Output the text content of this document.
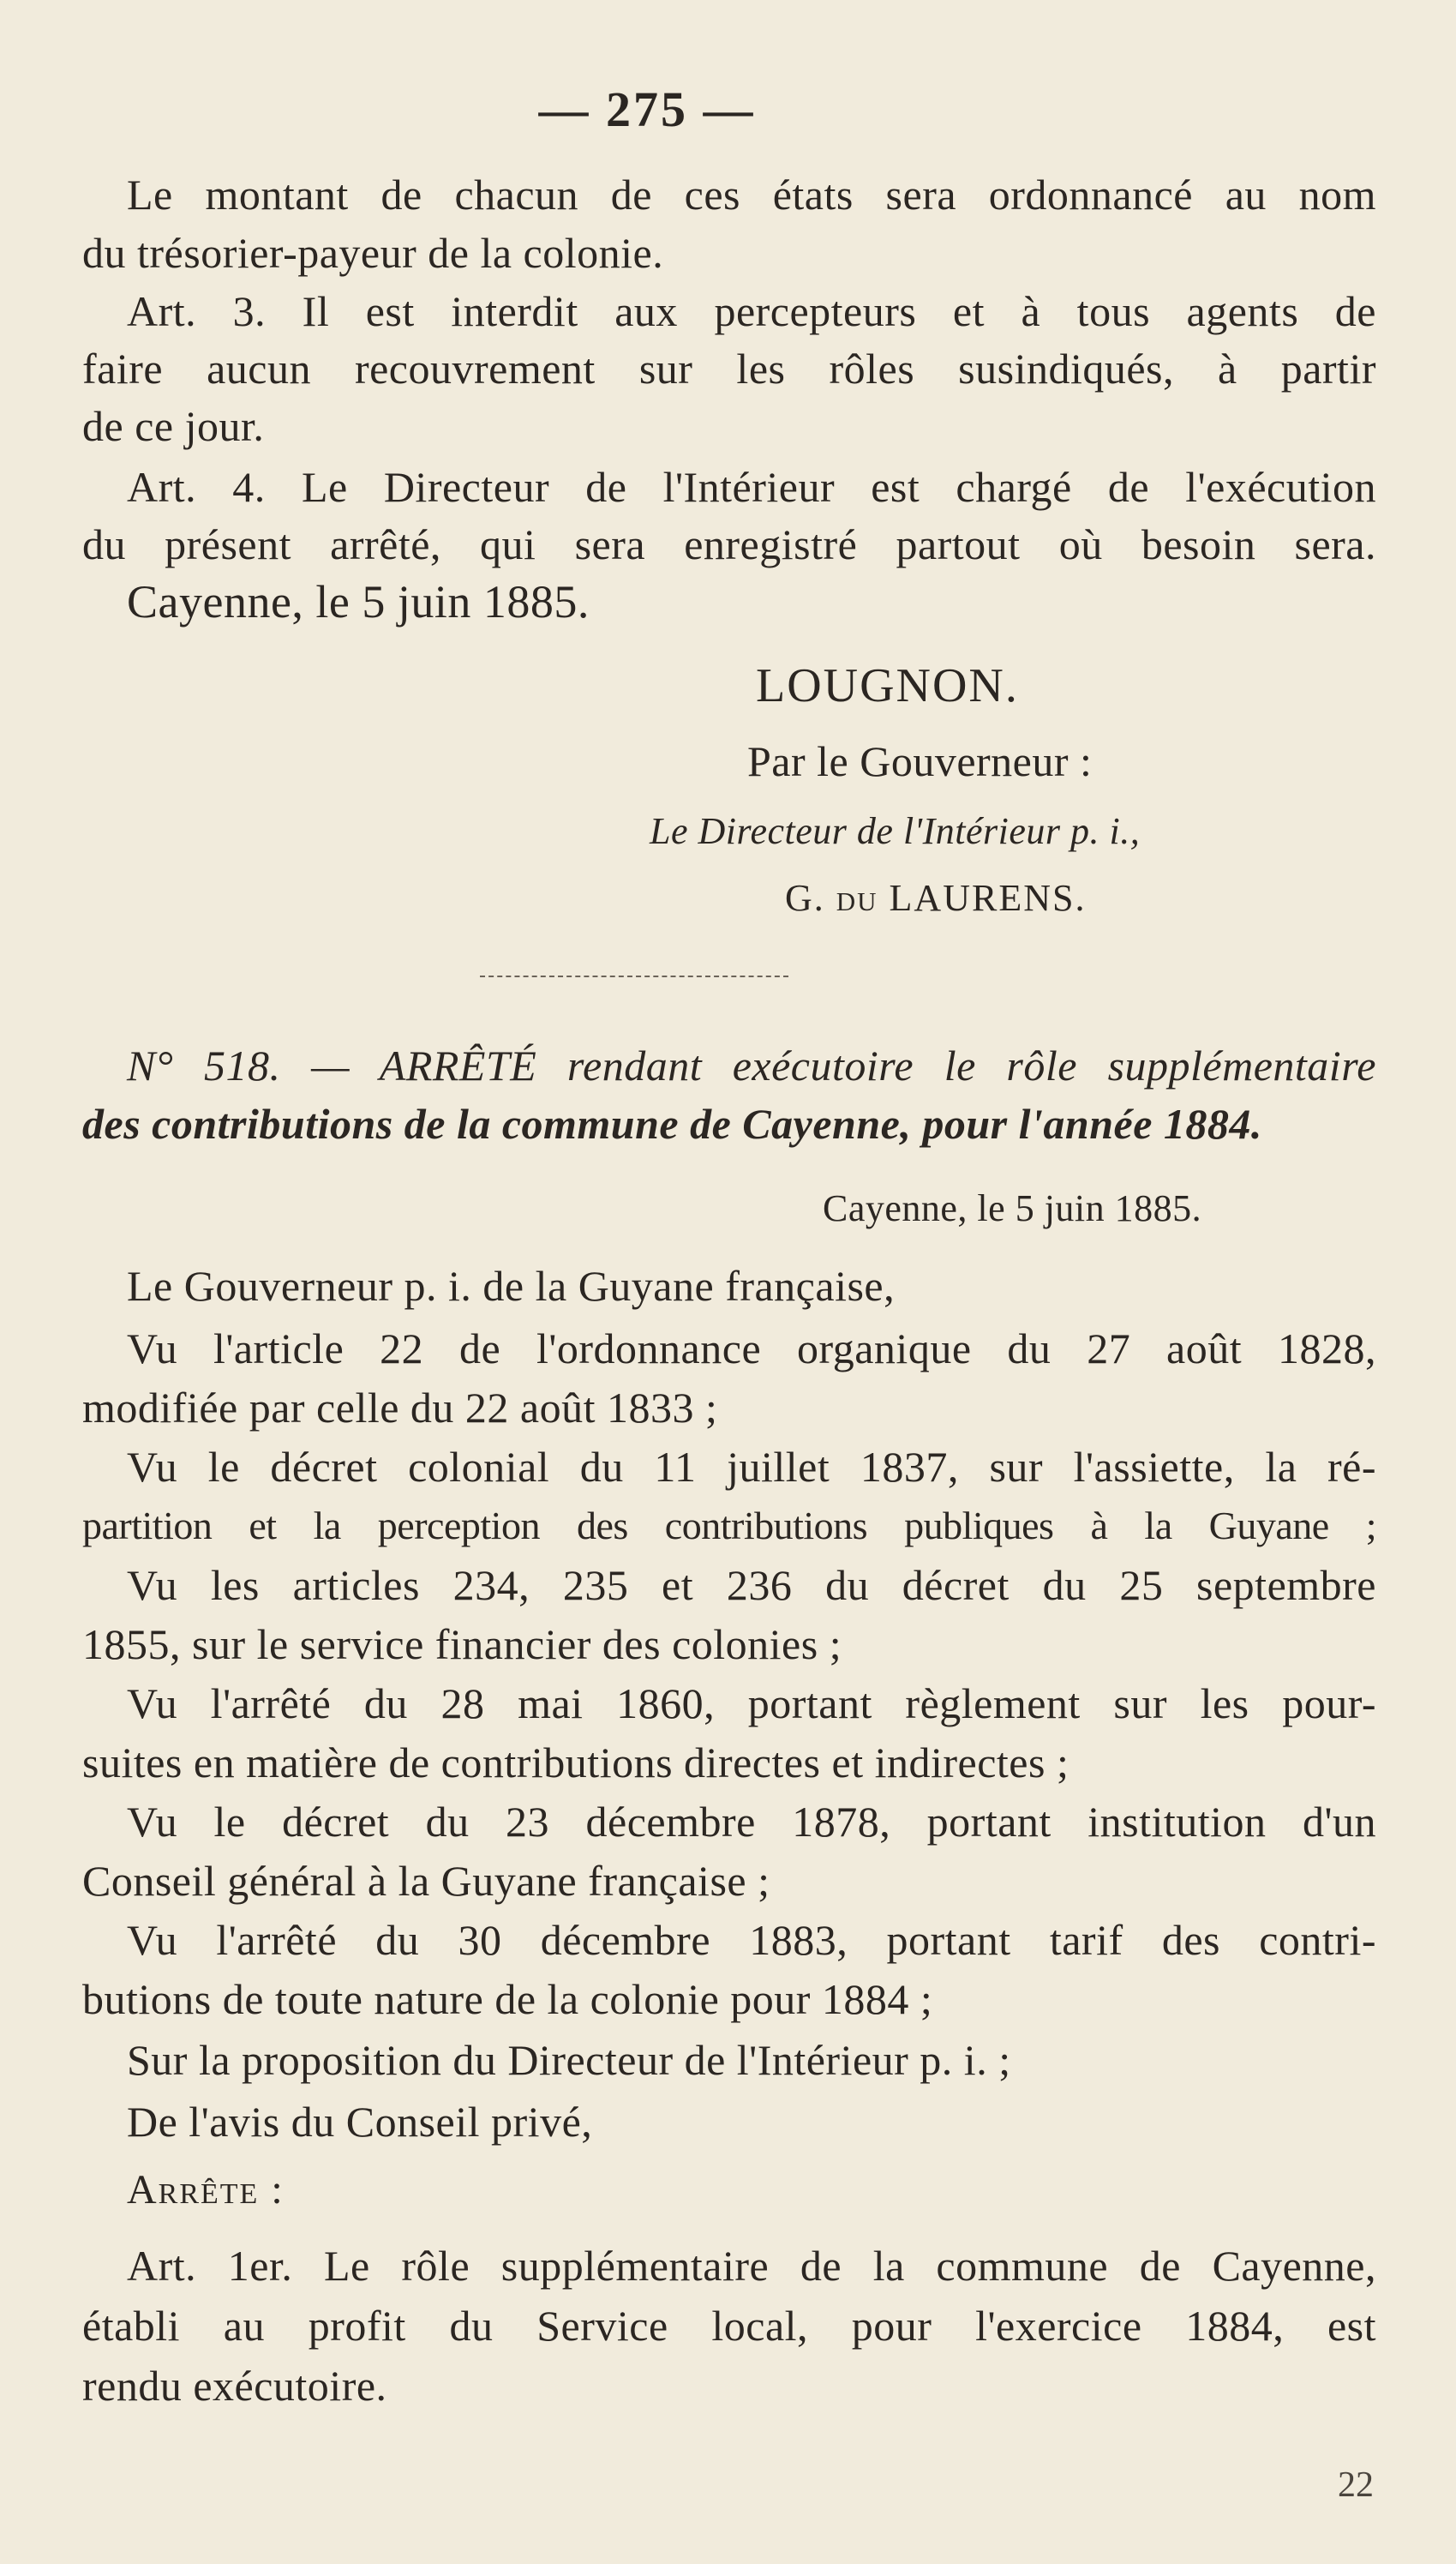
— 275 —
Le montant de chacun de ces états sera ordonnancé au nom
du trésorier-payeur de la colonie.
Art. 3. Il est interdit aux percepteurs et à tous agents de
faire aucun recouvrement sur les rôles susindiqués, à partir
de ce jour.
Art. 4. Le Directeur de l'Intérieur est chargé de l'exécution
du présent arrêté, qui sera enregistré partout où besoin sera.
Cayenne, le 5 juin 1885.
LOUGNON.
Par le Gouverneur :
Le Directeur de l'Intérieur p. i.,
G. du LAURENS.
N° 518. — ARRÊTÉ rendant exécutoire le rôle supplémentaire
des contributions de la commune de Cayenne, pour l'année 1884.
Cayenne, le 5 juin 1885.
Le Gouverneur p. i. de la Guyane française,
Vu l'article 22 de l'ordonnance organique du 27 août 1828,
modifiée par celle du 22 août 1833 ;
Vu le décret colonial du 11 juillet 1837, sur l'assiette, la ré-
partition et la perception des contributions publiques à la Guyane ;
Vu les articles 234, 235 et 236 du décret du 25 septembre
1855, sur le service financier des colonies ;
Vu l'arrêté du 28 mai 1860, portant règlement sur les pour-
suites en matière de contributions directes et indirectes ;
Vu le décret du 23 décembre 1878, portant institution d'un
Conseil général à la Guyane française ;
Vu l'arrêté du 30 décembre 1883, portant tarif des contri-
butions de toute nature de la colonie pour 1884 ;
Sur la proposition du Directeur de l'Intérieur p. i. ;
De l'avis du Conseil privé,
Arrête :
Art. 1er. Le rôle supplémentaire de la commune de Cayenne,
établi au profit du Service local, pour l'exercice 1884, est
rendu exécutoire.
22
